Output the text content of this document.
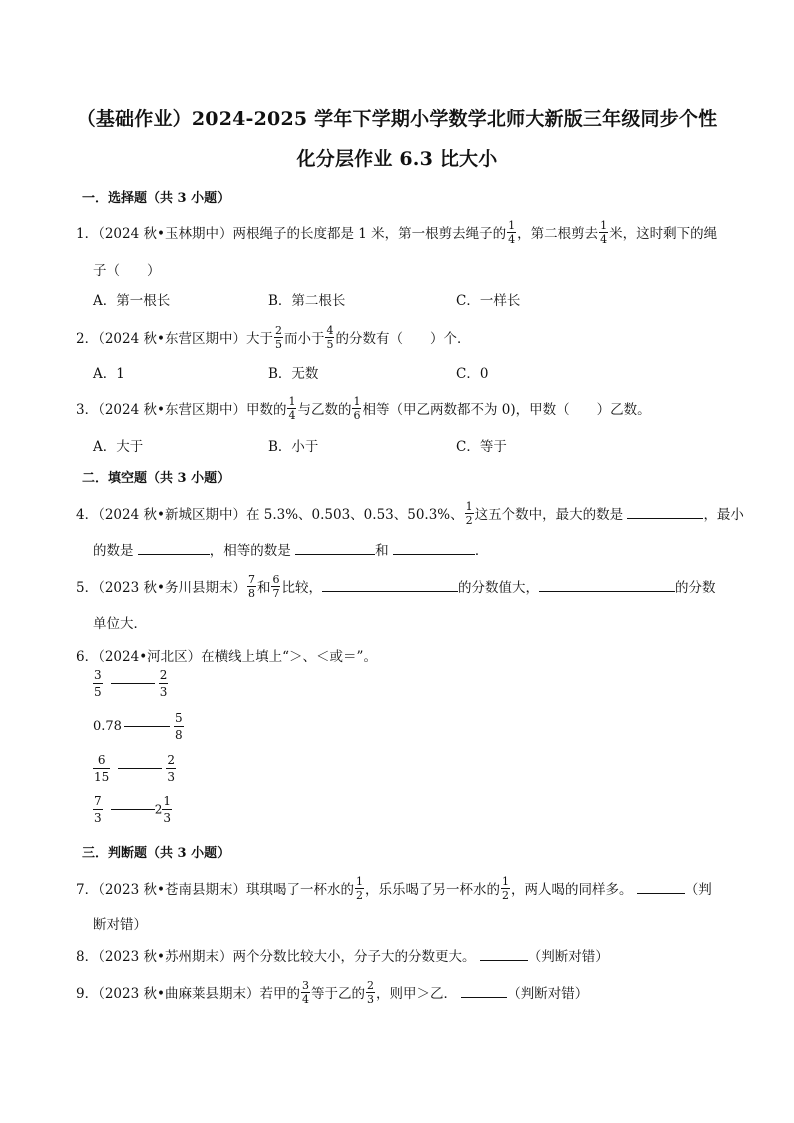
（基础作业）2024-2025 学年下学期小学数学北师大新版三年级同步个性
化分层作业 6.3 比大小
一．选择题（共 3 小题）
1．（2024 秋•玉林期中）两根绳子的长度都是 1 米，第一根剪去绳子的 $\frac{1}{4}$ ，第二根剪去 $\frac{1}{4}$ 米，这时剩下的绳
子（　　）
A．第一根长	B．第二根长	C．一样长
2．（2024 秋•东营区期中）大于 $\frac{2}{5}$ 而小于 $\frac{4}{5}$ 的分数有（　　）个．
A．1	B．无数	C．0
3．（2024 秋•东营区期中）甲数的 $\frac{1}{4}$ 与乙数的 $\frac{1}{6}$ 相等（甲乙两数都不为 0)，甲数（　　）乙数。
A．大于	B．小于	C．等于
二．填空题（共 3 小题）
4．（2024 秋•新城区期中）在 5.3%、0.503、0.53、50.3%、 $\frac{1}{2}$ 这五个数中，最大的数是	，最小
的数是	，相等的数是	和	．
5．（2023 秋•务川县期末） $\frac{7}{8}$ 和 $\frac{6}{7}$ 比较，	的分数值大，	的分数
单位大．
6．（2024•河北区）在横线上填上“＞、＜或＝”。
$\frac{3}{5}$
	$\frac{2}{3}$
0.78	$\frac{5}{8}$
$\frac{6}{15}$
	$\frac{2}{3}$
$\frac{7}{3}$	$2 \frac{1}{3}$
三．判断题（共 3 小题）
7．（2023 秋•苍南县期末）琪琪喝了一杯水的 $\frac{1}{2}$ ，乐乐喝了另一杯水的 $\frac{1}{2}$ ，两人喝的同样多。	（判
断对错）
8．（2023 秋•苏州期末）两个分数比较大小，分子大的分数更大。	（判断对错）
9．（2023 秋•曲麻莱县期末）若甲的 $\frac{3}{4}$ 等于乙的 $\frac{2}{3}$ ，则甲＞乙．	（判断对错）
